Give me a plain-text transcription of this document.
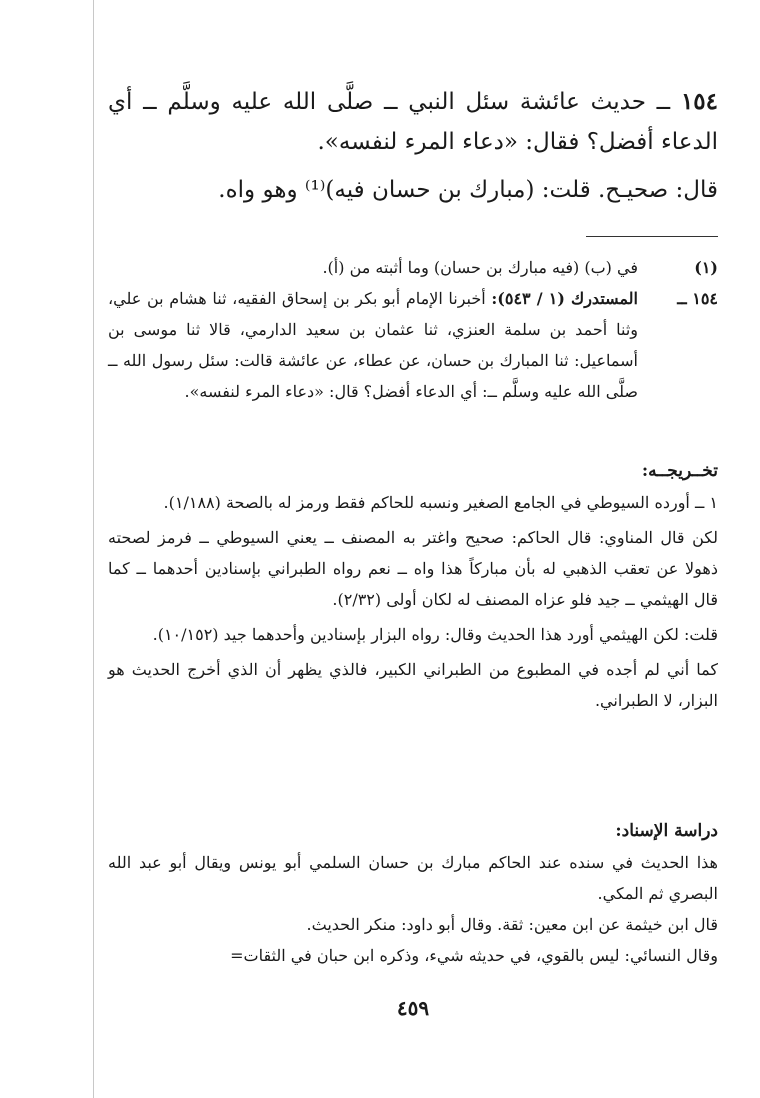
١٥٤ ــ حديث عائشة سئل النبي ــ صلَّى الله عليه وسلَّم ــ أي الدعاء أفضل؟ فقال: «دعاء المرء لنفسه».

قال: صحيـح. قلت: (مبارك بن حسان فيه)⁽¹⁾ وهو واه.

(١)
في (ب) (فيه مبارك بن حسان) وما أثبته من (أ).
١٥٤ ــ
المستدرك (١ / ٥٤٣): أخبرنا الإمام أبو بكر بن إسحاق الفقيه، ثنا هشام بن علي، وثنا أحمد بن سلمة العنزي، ثنا عثمان بن سعيد الدارمي، قالا ثنا موسى بن أسماعيل: ثنا المبارك بن حسان، عن عطاء، عن عائشة قالت: سئل رسول الله ــ صلَّى الله عليه وسلَّم ــ: أي الدعاء أفضل؟ قال: «دعاء المرء لنفسه».
تخــريجــه:

١ ــ أورده السيوطي في الجامع الصغير ونسبه للحاكم فقط ورمز له بالصحة (١/١٨٨).

لكن قال المناوي: قال الحاكم: صحيح واغتر به المصنف ــ يعني السيوطي ــ فرمز لصحته ذهولا عن تعقب الذهبي له بأن مباركاً هذا واه ــ نعم رواه الطبراني بإسنادين أحدهما ــ كما قال الهيثمي ــ جيد فلو عزاه المصنف له لكان أولى (٢/٣٢).

قلت: لكن الهيثمي أورد هذا الحديث وقال: رواه البزار بإسنادين وأحدهما جيد (١٠/١٥٢).

كما أني لم أجده في المطبوع من الطبراني الكبير، فالذي يظهر أن الذي أخرج الحديث هو البزار، لا الطبراني.

دراسة الإسناد:

هذا الحديث في سنده عند الحاكم مبارك بن حسان السلمي أبو يونس ويقال أبو عبد الله البصري ثم المكي.

قال ابن خيثمة عن ابن معين: ثقة. وقال أبو داود: منكر الحديث.

وقال النسائي: ليس بالقوي، في حديثه شيء، وذكره ابن حبان في الثقات=

٤٥٩
